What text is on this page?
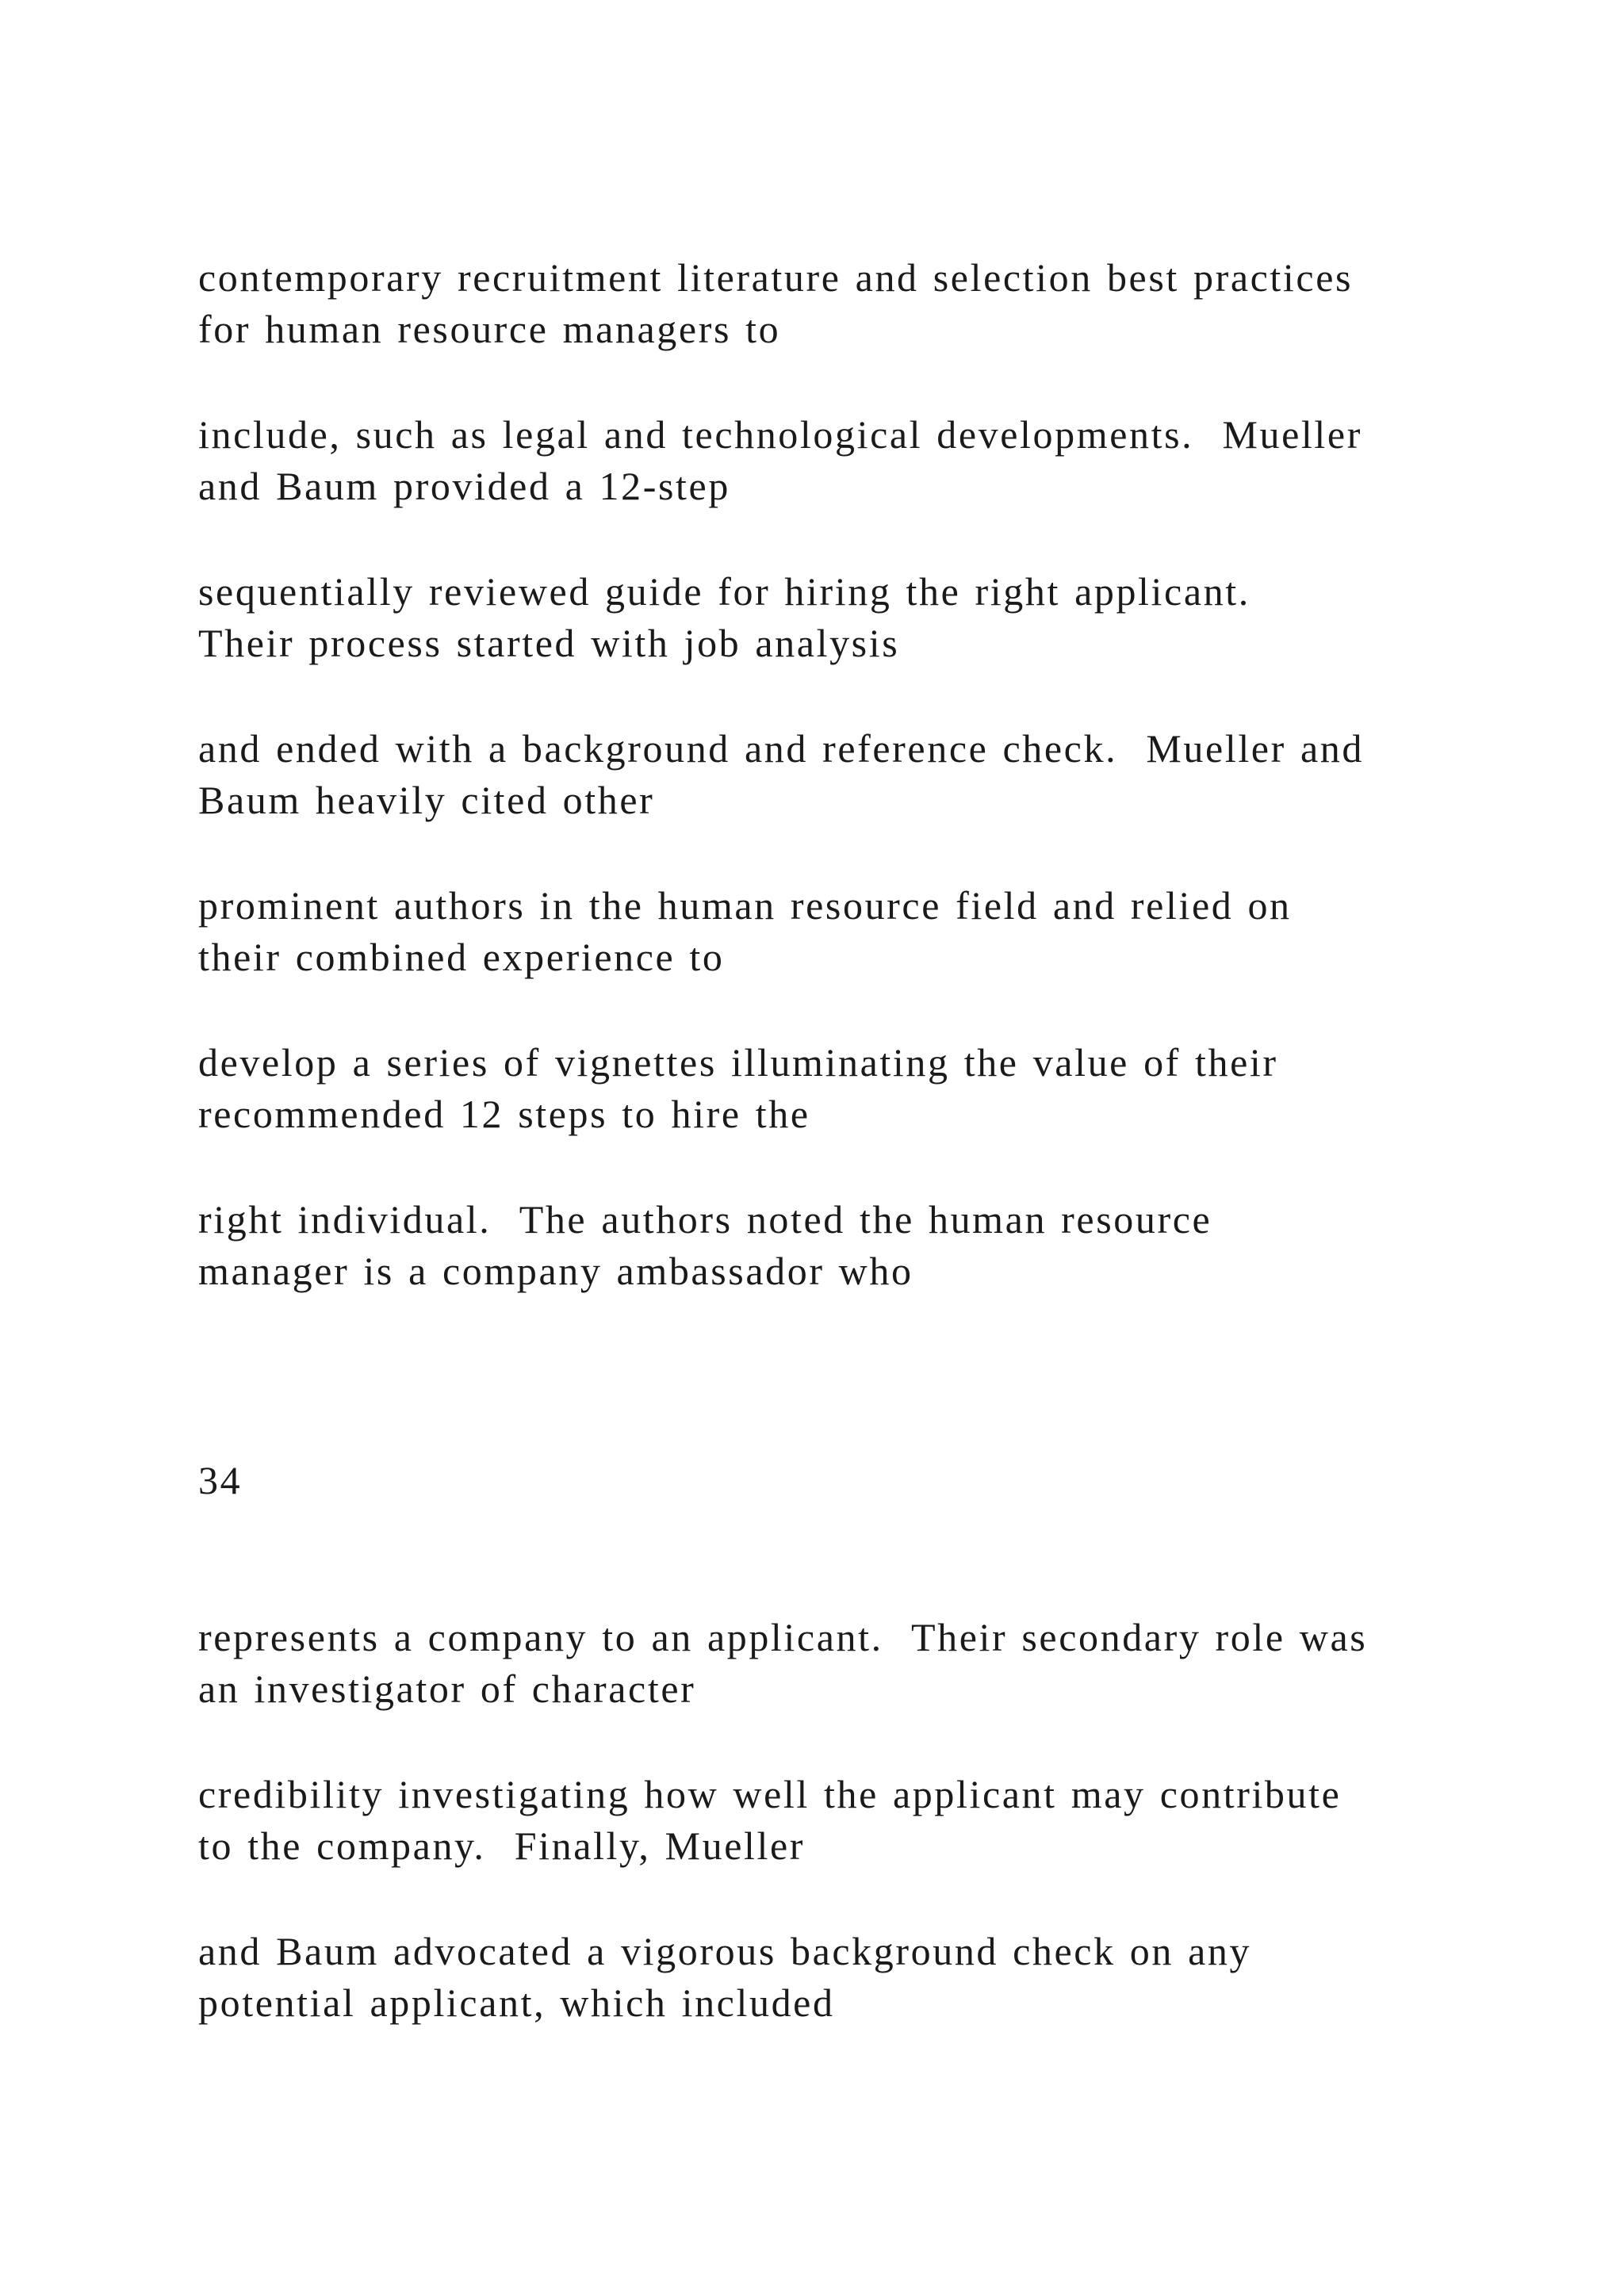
contemporary recruitment literature and selection best practices
for human resource managers to
include, such as legal and technological developments.  Mueller
and Baum provided a 12-step
sequentially reviewed guide for hiring the right applicant.
Their process started with job analysis
and ended with a background and reference check.  Mueller and
Baum heavily cited other
prominent authors in the human resource field and relied on
their combined experience to
develop a series of vignettes illuminating the value of their
recommended 12 steps to hire the
right individual.  The authors noted the human resource
manager is a company ambassador who
34
represents a company to an applicant.  Their secondary role was
an investigator of character
credibility investigating how well the applicant may contribute
to the company.  Finally, Mueller
and Baum advocated a vigorous background check on any
potential applicant, which included
